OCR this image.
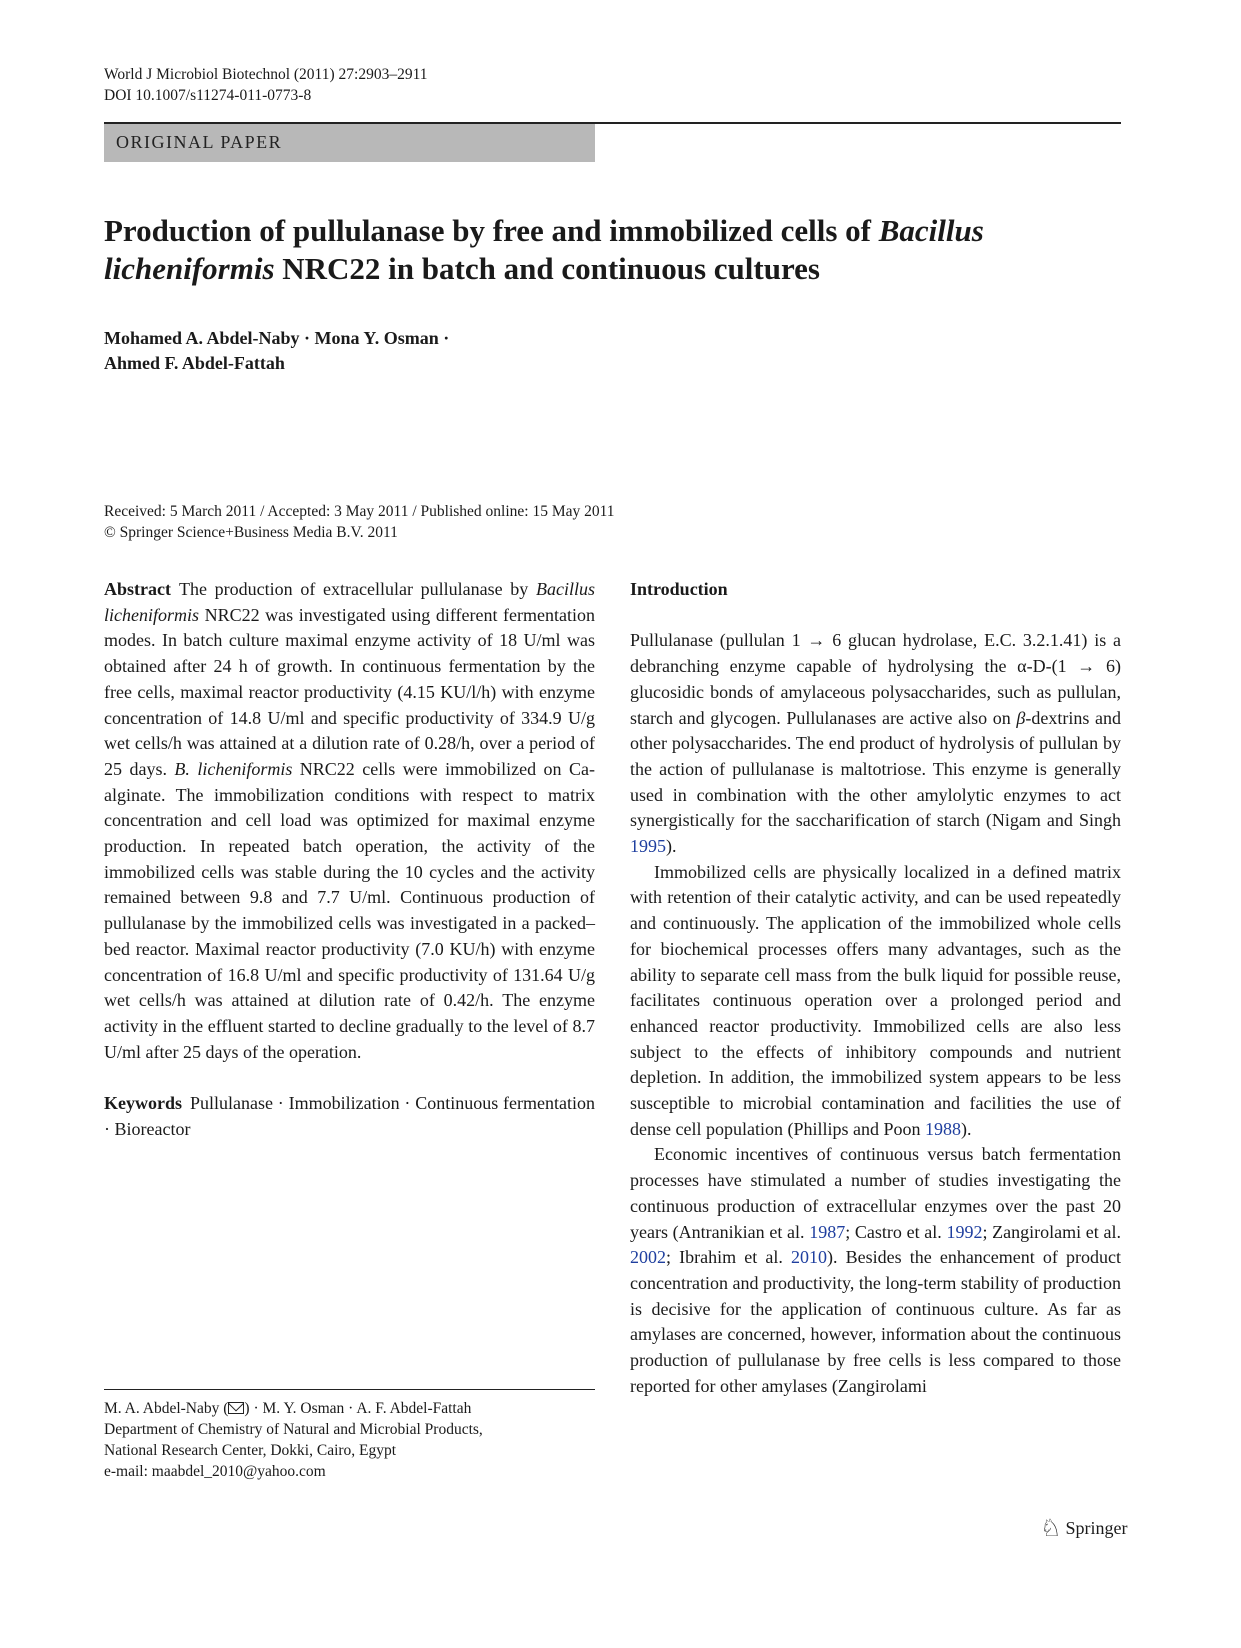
World J Microbiol Biotechnol (2011) 27:2903–2911
DOI 10.1007/s11274-011-0773-8
ORIGINAL PAPER
Production of pullulanase by free and immobilized cells of Bacillus licheniformis NRC22 in batch and continuous cultures
Mohamed A. Abdel-Naby · Mona Y. Osman ·
Ahmed F. Abdel-Fattah
Received: 5 March 2011 / Accepted: 3 May 2011 / Published online: 15 May 2011
© Springer Science+Business Media B.V. 2011

Abstract The production of extracellular pullulanase by Bacillus licheniformis NRC22 was investigated using different fermentation modes. In batch culture maximal enzyme activity of 18 U/ml was obtained after 24 h of growth. In continuous fermentation by the free cells, maximal reactor productivity (4.15 KU/l/h) with enzyme concentration of 14.8 U/ml and specific productivity of 334.9 U/g wet cells/h was attained at a dilution rate of 0.28/h, over a period of 25 days. B. licheniformis NRC22 cells were immobilized on Ca-alginate. The immobilization conditions with respect to matrix concentration and cell load was optimized for maximal enzyme production. In repeated batch operation, the activity of the immobilized cells was stable during the 10 cycles and the activity remained between 9.8 and 7.7 U/ml. Continuous production of pullulanase by the immobilized cells was investigated in a packed–bed reactor. Maximal reactor productivity (7.0 KU/h) with enzyme concentration of 16.8 U/ml and specific productivity of 131.64 U/g wet cells/h was attained at dilution rate of 0.42/h. The enzyme activity in the effluent started to decline gradually to the level of 8.7 U/ml after 25 days of the operation.

Keywords Pullulanase · Immobilization · Continuous fermentation · Bioreactor

M. A. Abdel-Naby ( ) · M. Y. Osman · A. F. Abdel-Fattah
Department of Chemistry of Natural and Microbial Products,
National Research Center, Dokki, Cairo, Egypt
e-mail: maabdel_2010@yahoo.com

Introduction

Pullulanase (pullulan 1 → 6 glucan hydrolase, E.C. 3.2.1.41) is a debranching enzyme capable of hydrolysing the α-D-(1 → 6) glucosidic bonds of amylaceous polysaccharides, such as pullulan, starch and glycogen. Pullulanases are active also on β-dextrins and other polysaccharides. The end product of hydrolysis of pullulan by the action of pullulanase is maltotriose. This enzyme is generally used in combination with the other amylolytic enzymes to act synergistically for the saccharification of starch (Nigam and Singh 1995).

Immobilized cells are physically localized in a defined matrix with retention of their catalytic activity, and can be used repeatedly and continuously. The application of the immobilized whole cells for biochemical processes offers many advantages, such as the ability to separate cell mass from the bulk liquid for possible reuse, facilitates continuous operation over a prolonged period and enhanced reactor productivity. Immobilized cells are also less subject to the effects of inhibitory compounds and nutrient depletion. In addition, the immobilized system appears to be less susceptible to microbial contamination and facilities the use of dense cell population (Phillips and Poon 1988).

Economic incentives of continuous versus batch fermentation processes have stimulated a number of studies investigating the continuous production of extracellular enzymes over the past 20 years (Antranikian et al. 1987; Castro et al. 1992; Zangirolami et al. 2002; Ibrahim et al. 2010). Besides the enhancement of product concentration and productivity, the long-term stability of production is decisive for the application of continuous culture. As far as amylases are concerned, however, information about the continuous production of pullulanase by free cells is less compared to those reported for other amylases (Zangirolami

♘ Springer
